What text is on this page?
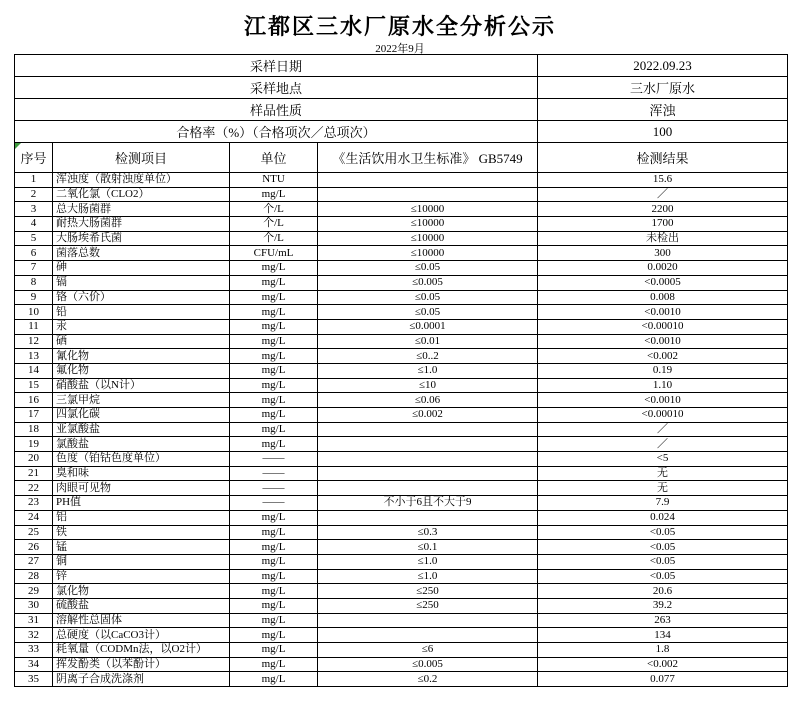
江都区三水厂原水全分析公示
2022年9月
采样日期				2022.09.23
采样地点				三水厂原水
样品性质				浑浊
合格率（%）（合格项次／总项次）				100

序号	检测项目	单位	《生活饮用水卫生标准》 GB5749	检测结果
1	浑浊度（散射浊度单位）	NTU		15.6
2	二氧化氯（CLO2）	mg/L		／
3	总大肠菌群	个/L	≤10000	2200
4	耐热大肠菌群	个/L	≤10000	1700
5	大肠埃希氏菌	个/L	≤10000	未检出
6	菌落总数	CFU/mL	≤10000	300
7	砷	mg/L	≤0.05	0.0020
8	镉	mg/L	≤0.005	<0.0005
9	铬（六价）	mg/L	≤0.05	0.008
10	铅	mg/L	≤0.05	<0.0010
11	汞	mg/L	≤0.0001	<0.00010
12	硒	mg/L	≤0.01	<0.0010
13	氰化物	mg/L	≤0..2	<0.002
14	氟化物	mg/L	≤1.0	0.19
15	硝酸盐（以N计）	mg/L	≤10	1.10
16	三氯甲烷	mg/L	≤0.06	<0.0010
17	四氯化碳	mg/L	≤0.002	<0.00010
18	亚氯酸盐	mg/L		／
19	氯酸盐	mg/L		／
20	色度（铂钴色度单位）	——		<5
21	臭和味	——		无
22	肉眼可见物	——		无
23	PH值	——	不小于6且不大于9	7.9
24	铝	mg/L		0.024
25	铁	mg/L	≤0.3	<0.05
26	锰	mg/L	≤0.1	<0.05
27	铜	mg/L	≤1.0	<0.05
28	锌	mg/L	≤1.0	<0.05
29	氯化物	mg/L	≤250	20.6
30	硫酸盐	mg/L	≤250	39.2
31	溶解性总固体	mg/L		263
32	总硬度（以CaCO3计）	mg/L		134
33	耗氧量（CODMn法，以O2计）	mg/L	≤6	1.8
34	挥发酚类（以苯酚计）	mg/L	≤0.005	<0.002
35	阴离子合成洗涤剂	mg/L	≤0.2	0.077
